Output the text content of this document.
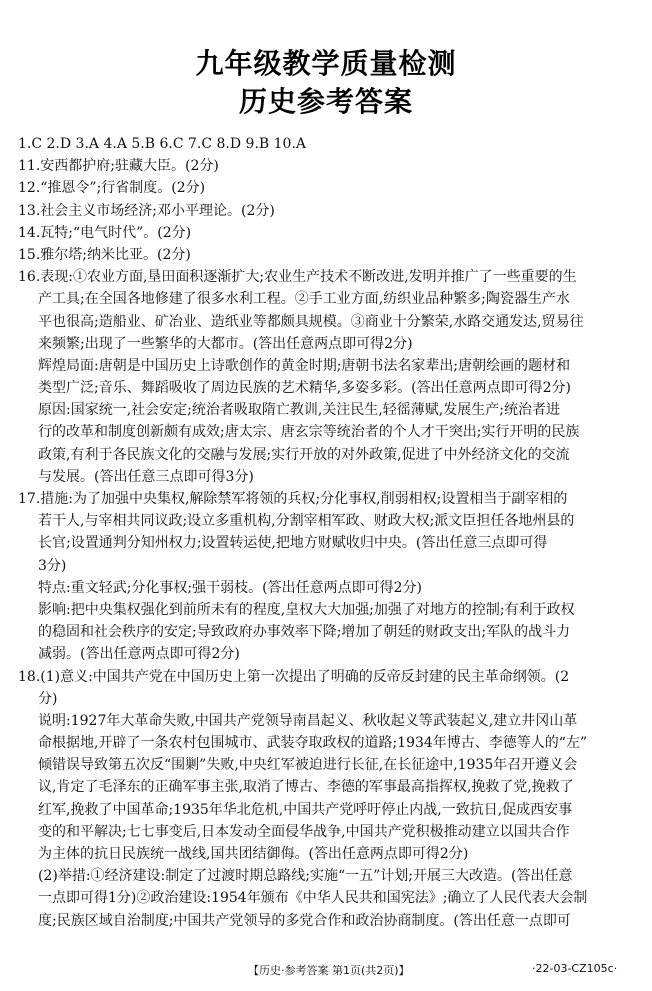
九年级教学质量检测
历史参考答案
1.C 2.D 3.A 4.A 5.B 6.C 7.C 8.D 9.B 10.A
11.安西都护府;驻藏大臣。(2分)
12.“推恩令”;行省制度。(2分)
13.社会主义市场经济;邓小平理论。(2分)
14.瓦特;“电气时代”。(2分)
15.雅尔塔;纳米比亚。(2分)
16.表现:①农业方面,垦田面积逐渐扩大;农业生产技术不断改进,发明并推广了一些重要的生
产工具;在全国各地修建了很多水利工程。②手工业方面,纺织业品种繁多;陶瓷器生产水
平也很高;造船业、矿冶业、造纸业等都颇具规模。③商业十分繁荣,水路交通发达,贸易往
来频繁;出现了一些繁华的大都市。(答出任意两点即可得2分)
辉煌局面:唐朝是中国历史上诗歌创作的黄金时期;唐朝书法名家辈出;唐朝绘画的题材和
类型广泛;音乐、舞蹈吸收了周边民族的艺术精华,多姿多彩。(答出任意两点即可得2分)
原因:国家统一,社会安定;统治者吸取隋亡教训,关注民生,轻徭薄赋,发展生产;统治者进
行的改革和制度创新颇有成效;唐太宗、唐玄宗等统治者的个人才干突出;实行开明的民族
政策,有利于各民族文化的交融与发展;实行开放的对外政策,促进了中外经济文化的交流
与发展。(答出任意三点即可得3分)
17.措施:为了加强中央集权,解除禁军将领的兵权;分化事权,削弱相权;设置相当于副宰相的
若干人,与宰相共同议政;设立多重机构,分割宰相军政、财政大权;派文臣担任各地州县的
长官;设置通判分知州权力;设置转运使,把地方财赋收归中央。(答出任意三点即可得
3分)
特点:重文轻武;分化事权;强干弱枝。(答出任意两点即可得2分)
影响:把中央集权强化到前所未有的程度,皇权大大加强;加强了对地方的控制;有利于政权
的稳固和社会秩序的安定;导致政府办事效率下降;增加了朝廷的财政支出;军队的战斗力
减弱。(答出任意两点即可得2分)
18.(1)意义:中国共产党在中国历史上第一次提出了明确的反帝反封建的民主革命纲领。(2
分)
说明:1927年大革命失败,中国共产党领导南昌起义、秋收起义等武装起义,建立井冈山革
命根据地,开辟了一条农村包围城市、武装夺取政权的道路;1934年博古、李德等人的“左”
倾错误导致第五次反“围剿”失败,中央红军被迫进行长征,在长征途中,1935年召开遵义会
议,肯定了毛泽东的正确军事主张,取消了博古、李德的军事最高指挥权,挽救了党,挽救了
红军,挽救了中国革命;1935年华北危机,中国共产党呼吁停止内战,一致抗日,促成西安事
变的和平解决;七七事变后,日本发动全面侵华战争,中国共产党积极推动建立以国共合作
为主体的抗日民族统一战线,国共团结御侮。(答出任意两点即可得2分)
(2)举措:①经济建设:制定了过渡时期总路线;实施“一五”计划;开展三大改造。(答出任意
一点即可得1分)②政治建设:1954年颁布《中华人民共和国宪法》;确立了人民代表大会制
度;民族区域自治制度;中国共产党领导的多党合作和政治协商制度。(答出任意一点即可
【历史·参考答案 第1页(共2页)】	·22-03-CZ105c·
